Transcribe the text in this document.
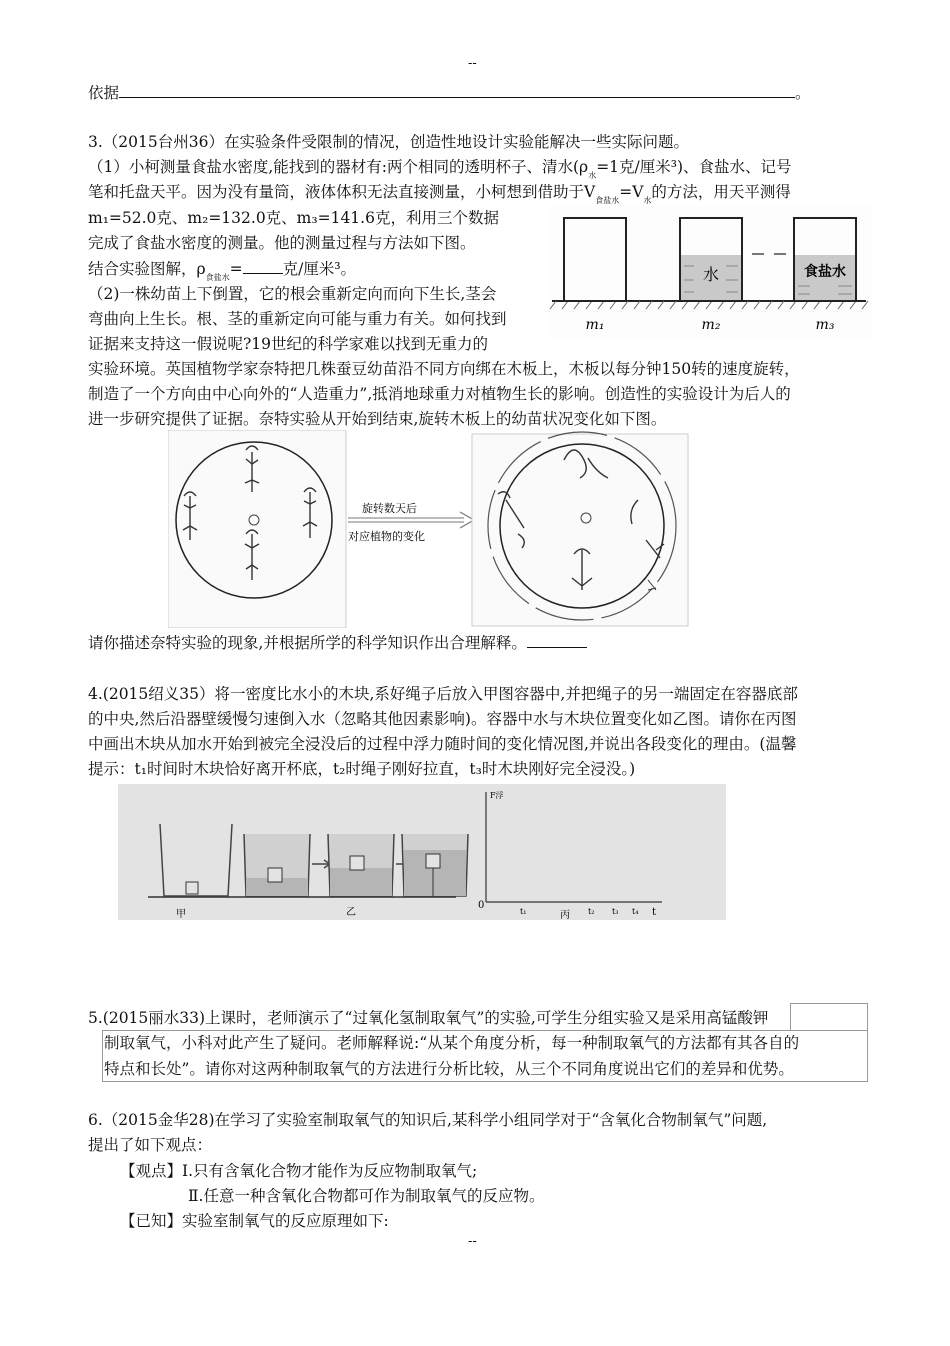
--
依据	。
3.（2015台州36）在实验条件受限制的情况，创造性地设计实验能解决一些实际问题。
（1）小柯测量食盐水密度,能找到的器材有:两个相同的透明杯子、清水($\rho_水=1$克/厘米³)、食盐水、记号
笔和托盘天平。因为没有量筒，液体体积无法直接测量，小柯想到借助于$V_{食盐水}=V_水$的方法，用天平测得
m₁=52.0克、m₂=132.0克、m₃=141.6克，利用三个数据
完成了食盐水密度的测量。他的测量过程与方法如下图。
结合实验图解，$\rho_{食盐水}=$	克/厘米³。
（2)一株幼苗上下倒置，它的根会重新定向而向下生长,茎会
弯曲向上生长。根、茎的重新定向可能与重力有关。如何找到
证据来支持这一假说呢?19世纪的科学家难以找到无重力的
实验环境。英国植物学家奈特把几株蚕豆幼苗沿不同方向绑在木板上，木板以每分钟150转的速度旋转，
制造了一个方向由中心向外的“人造重力”,抵消地球重力对植物生长的影响。创造性的实验设计为后人的
进一步研究提供了证据。奈特实验从开始到结束,旋转木板上的幼苗状况变化如下图。
水	食盐水
m₁	m₂	m₃
旋转数天后
对应植物的变化
请你描述奈特实验的现象,并根据所学的科学知识作出合理解释。
4.(2015绍义35）将一密度比水小的木块,系好绳子后放入甲图容器中,并把绳子的另一端固定在容器底部
的中央,然后沿器壁缓慢匀速倒入水（忽略其他因素影响)。容器中水与木块位置变化如乙图。请你在丙图
中画出木块从加水开始到被完全浸没后的过程中浮力随时间的变化情况图,并说出各段变化的理由。(温馨
提示：t₁时间时木块恰好离开杯底，t₂时绳子刚好拉直，t₃时木块刚好完全浸没。)
F浮
t
0
t₁	t₂ t₃ t₄
甲	乙	丙
5.(2015丽水33)上课时，老师演示了“过氧化氢制取氧气”的实验,可学生分组实验又是采用高锰酸钾
制取氧气，小科对此产生了疑问。老师解释说:“从某个角度分析，每一种制取氧气的方法都有其各自的
特点和长处”。请你对这两种制取氧气的方法进行分析比较，从三个不同角度说出它们的差异和优势。
6.（2015金华28)在学习了实验室制取氧气的知识后,某科学小组同学对于“含氧化合物制氧气”问题,
提出了如下观点：
【观点】Ⅰ.只有含氧化合物才能作为反应物制取氧气;
Ⅱ.任意一种含氧化合物都可作为制取氧气的反应物。
【已知】实验室制氧气的反应原理如下:
--
